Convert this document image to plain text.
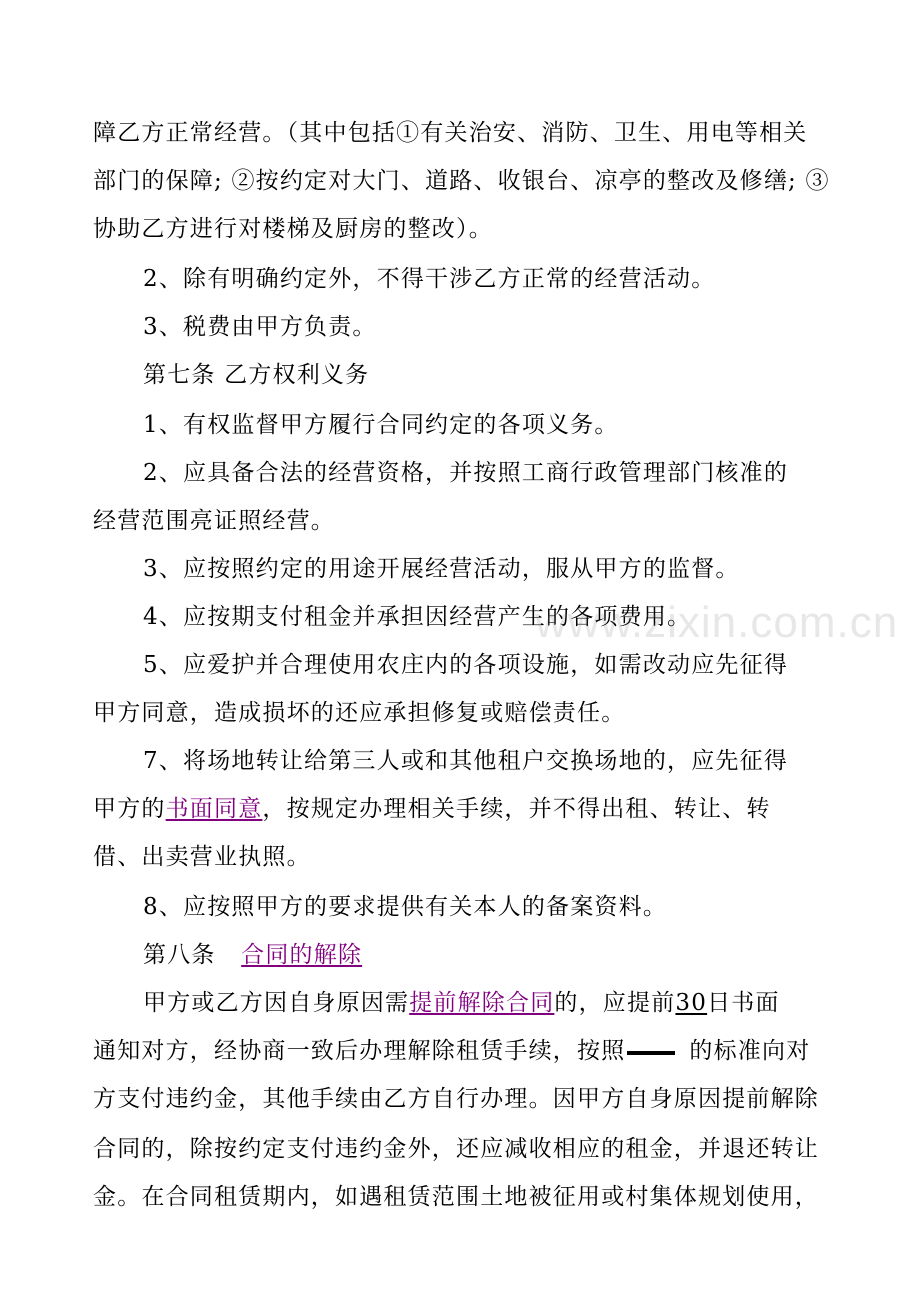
障乙方正常经营。（其中包括①有关治安、消防、卫生、用电等相关
部门的保障; ②按约定对大门、道路、收银台、凉亭的整改及修缮; ③
协助乙方进行对楼梯及厨房的整改）。
2、除有明确约定外，不得干涉乙方正常的经营活动。
3、税费由甲方负责。
第七条 乙方权利义务
1、有权监督甲方履行合同约定的各项义务。
2、应具备合法的经营资格，并按照工商行政管理部门核准的
经营范围亮证照经营。
3、应按照约定的用途开展经营活动，服从甲方的监督。
4、应按期支付租金并承担因经营产生的各项费用。
5、应爱护并合理使用农庄内的各项设施，如需改动应先征得
甲方同意，造成损坏的还应承担修复或赔偿责任。
7、将场地转让给第三人或和其他租户交换场地的，应先征得
甲方的书面同意，按规定办理相关手续，并不得出租、转让、转
借、出卖营业执照。
8、应按照甲方的要求提供有关本人的备案资料。
第八条   合同的解除
甲方或乙方因自身原因需提前解除合同的，应提前30日书面
通知对方，经协商一致后办理解除租赁手续，按照	的标准向对
方支付违约金，其他手续由乙方自行办理。因甲方自身原因提前解除
合同的，除按约定支付违约金外，还应减收相应的租金，并退还转让
金。在合同租赁期内，如遇租赁范围土地被征用或村集体规划使用，
www.zixin.com.cn
